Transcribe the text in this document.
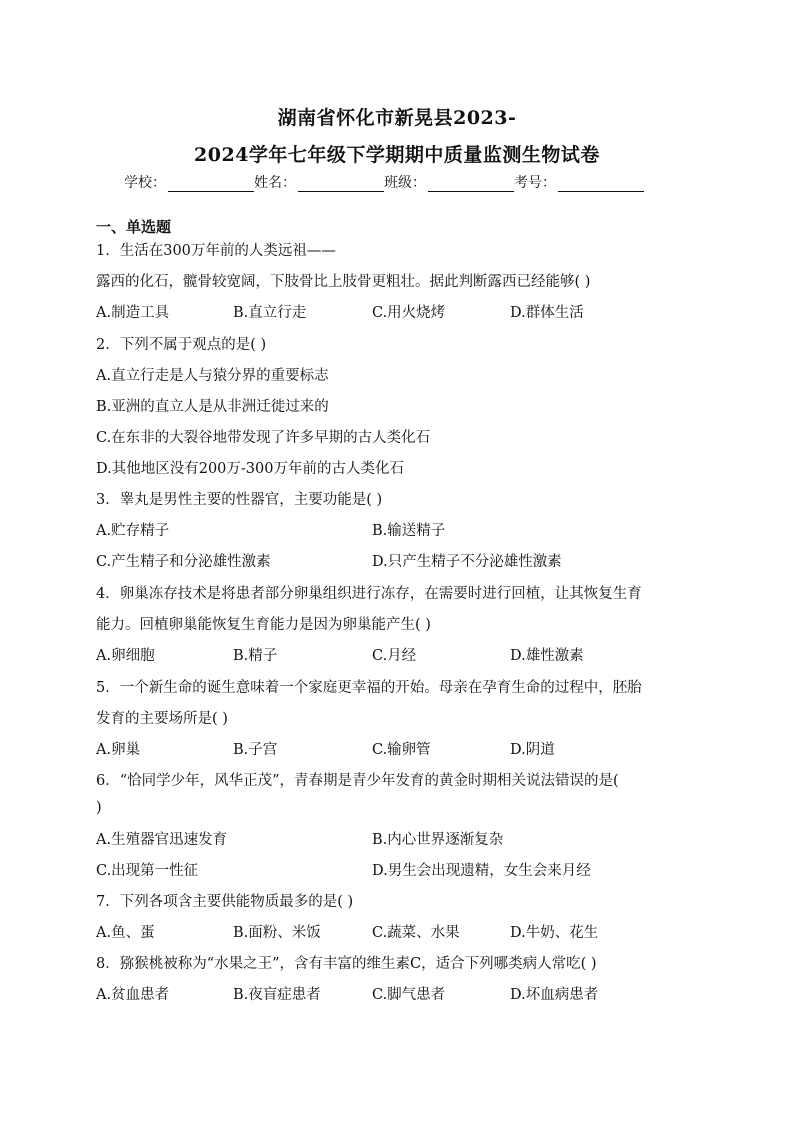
湖南省怀化市新晃县2023-
2024学年七年级下学期期中质量监测生物试卷
学校：	姓名：	班级：	考号：
一、单选题
1．生活在300万年前的人类远祖——
露西的化石，髋骨较宽阔，下肢骨比上肢骨更粗壮。据此判断露西已经能够( )
A.制造工具	B.直立行走	C.用火烧烤	D.群体生活
2．下列不属于观点的是( )
A.直立行走是人与猿分界的重要标志
B.亚洲的直立人是从非洲迁徙过来的
C.在东非的大裂谷地带发现了许多早期的古人类化石
D.其他地区没有200万-300万年前的古人类化石
3．睾丸是男性主要的性器官，主要功能是( )
A.贮存精子	B.输送精子
C.产生精子和分泌雄性激素	D.只产生精子不分泌雄性激素
4．卵巢冻存技术是将患者部分卵巢组织进行冻存，在需要时进行回植，让其恢复生育
能力。回植卵巢能恢复生育能力是因为卵巢能产生( )
A.卵细胞	B.精子	C.月经	D.雄性激素
5．一个新生命的诞生意味着一个家庭更幸福的开始。母亲在孕育生命的过程中，胚胎
发育的主要场所是( )
A.卵巢	B.子宫	C.输卵管	D.阴道
6．“恰同学少年，风华正茂”，青春期是青少年发育的黄金时期相关说法错误的是(
)
A.生殖器官迅速发育	B.内心世界逐渐复杂
C.出现第一性征	D.男生会出现遗精，女生会来月经
7．下列各项含主要供能物质最多的是( )
A.鱼、蛋	B.面粉、米饭	C.蔬菜、水果	D.牛奶、花生
8．猕猴桃被称为“水果之王”，含有丰富的维生素C，适合下列哪类病人常吃( )
A.贫血患者	B.夜盲症患者	C.脚气患者	D.坏血病患者
